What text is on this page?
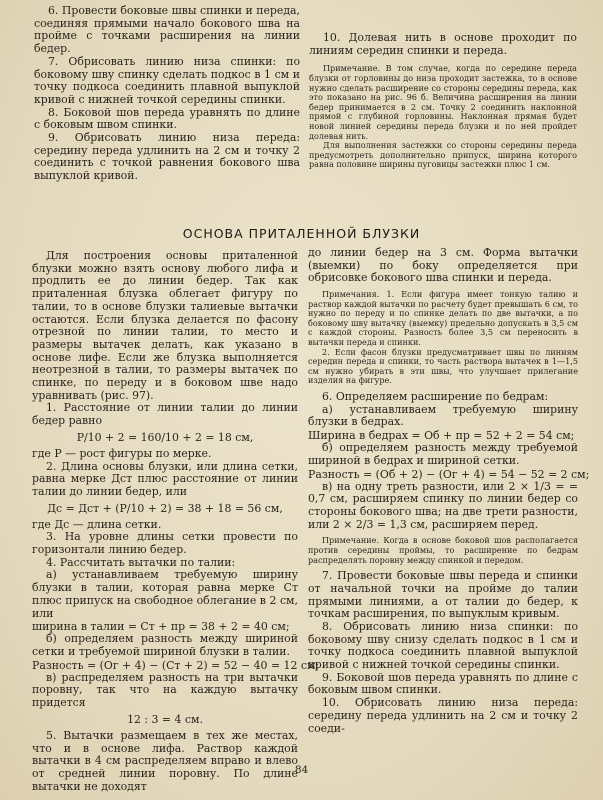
6. Провести боковые швы спинки и переда, соединяя прямыми начало бокового шва на пройме с точками расширения на линии бедер.

7. Обрисовать линию низа спинки: по боковому шву спинку сделать подкос в 1 см и точку подкоса соединить плавной выпуклой кривой с нижней точкой середины спинки.

8. Боковой шов переда уравнять по длине с боковым швом спинки.

9. Обрисовать линию низа переда: середину переда удлинить на 2 см и точку 2 соединить с точкой равнения бокового шва выпуклой кривой.

10. Долевая нить в основе проходит по линиям середин спинки и переда.

Примечание. В том случае, когда по середине переда блузки от горловины до низа проходит застежка, то в основе нужно сделать расширение со стороны середины переда, как это показано на рис. 96 б. Величина расширения на линии бедер принимается в 2 см. Точку 2 соединить наклонной прямой с глубиной горловины. Наклонная прямая будет новой линией середины переда блузки и по ней пройдет долевая нить.

Для выполнения застежки со стороны середины переда предусмотреть дополнительно припуск, ширина которого равна половине ширины пуговицы застежки плюс 1 см.

ОСНОВА ПРИТАЛЕННОЙ БЛУЗКИ

Для построения основы приталенной блузки можно взять основу любого лифа и продлить ее до линии бедер. Так как приталенная блузка облегает фигуру по талии, то в основе блузки талиевые вытачки остаются. Если блузка делается по фасону отрезной по линии талии, то место и размеры вытачек делать, как указано в основе лифе. Если же блузка выполняется неотрезной в талии, то размеры вытачек по спинке, по переду и в боковом шве надо уравнивать (рис. 97).

1. Расстояние от линии талии до линии бедер равно

P/10 + 2 = 160/10 + 2 = 18 см,

где P — рост фигуры по мерке.

2. Длина основы блузки, или длина сетки, равна мерке Дст плюс расстояние от линии талии до линии бедер, или

Дс = Дст + (P/10 + 2) = 38 + 18 = 56 см,

где Дс — длина сетки.

3. На уровне длины сетки провести по горизонтали линию бедер.

4. Рассчитать вытачки по талии:

а) устанавливаем требуемую ширину блузки в талии, которая равна мерке Ст плюс припуск на свободное облегание в 2 см, или

ширина в талии = Ст + пр = 38 + 2 = 40 см;

б) определяем разность между шириной сетки и требуемой шириной блузки в талии.

Разность = (Ог + 4) − (Ст + 2) = 52 − 40 = 12 см;

в) распределяем разность на три вытачки поровну, так что на каждую вытачку придется

12 : 3 = 4 см.

5. Вытачки размещаем в тех же местах, что и в основе лифа. Раствор каждой вытачки в 4 см распределяем вправо и влево от средней линии поровну. По длине вытачки не доходят

до линии бедер на 3 см. Форма вытачки (выемки) по боку определяется при обрисовке бокового шва спинки и переда.

Примечания. 1. Если фигура имеет тонкую талию и раствор каждой вытачки по расчету будет превышать 6 см, то нужно по переду и по спинке делать по две вытачки, а по боковому шву вытачку (выемку) предельно допускать в 3,5 см с каждой стороны. Разность более 3,5 см переносить в вытачки переда и спинки.

2. Если фасон блузки предусматривает швы по линиям середин переда и спинки, то часть раствора вытачек в 1—1,5 см нужно убирать в эти швы, что улучшает прилегание изделия на фигуре.

6. Определяем расширение по бедрам:

а) устанавливаем требуемую ширину блузки в бедрах.

Ширина в бедрах = Об + пр = 52 + 2 = 54 см;

б) определяем разность между требуемой шириной в бедрах и шириной сетки.

Разность = (Об + 2) − (Ог + 4) = 54 − 52 = 2 см;

в) на одну треть разности, или 2 × 1/3 = = 0,7 см, расширяем спинку по линии бедер со стороны бокового шва; на две трети разности, или 2 × 2/3 = 1,3 см, расширяем перед.

Примечание. Когда в основе боковой шов располагается против середины проймы, то расширение по бедрам распределять поровну между спинкой и передом.

7. Провести боковые швы переда и спинки от начальной точки на пройме до талии прямыми линиями, а от талии до бедер, к точкам расширения, по выпуклым кривым.

8. Обрисовать линию низа спинки: по боковому шву снизу сделать подкос в 1 см и точку подкоса соединить плавной выпуклой кривой с нижней точкой середины спинки.

9. Боковой шов переда уравнять по длине с боковым швом спинки.

10. Обрисовать линию низа переда: середину переда удлинить на 2 см и точку 2 соеди-

84
